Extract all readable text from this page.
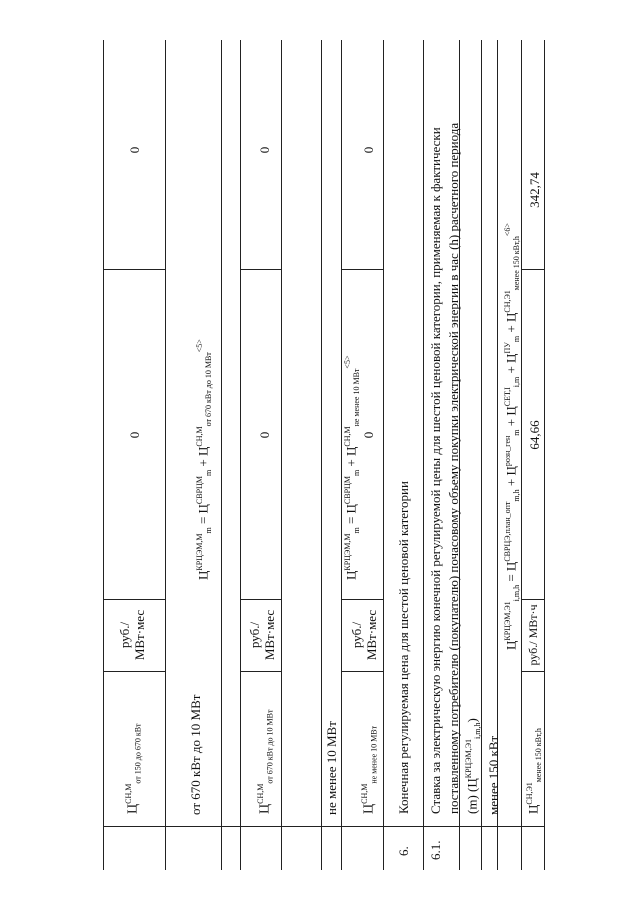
$Ц^{СН,М}_{от 150 до 670 кВт}$
руб./ МВт·мес
0
0
от 670 кВт до 10 МВт
$Ц^{КРЦЭМ,М}_m = Ц^{СВРЦМ}_m + Ц^{СН,М}_{от 670 кВт до 10 МВт}^{<5>}$
$Ц^{СН,М}_{от 670 кВт до 10 МВт}$
руб./ МВт·мес
0
0
не менее 10 МВт
$Ц^{КРЦЭМ,М}_m = Ц^{СВРЦМ}_m + Ц^{СН,М}_{не менее 10 МВт}^{<5>}$
$Ц^{СН,М}_{не менее 10 МВт}$
руб./ МВт·мес
0
0
6.
Конечная регулируемая цена для шестой ценовой категории
6.1.
Ставка за электрическую энергию конечной регулируемой цены для шестой ценовой категории, применяемая к фактически поставленному потребителю (покупателю) почасовому объему покупки электрической энергии в час (h) расчетного периода (m) $(Ц^{КРЦЭМ,Э1}_{i,m,h})$
менее 150 кВт
$Ц^{КРЦЭМ,Э1}_{i,m,h} = Ц^{СВРЦЭ,план\_опт}_{m,h} + Ц^{розн\_ген}_m + Ц^{СЕТ,I}_{i,m} + Ц^{ПУ}_m + Ц^{СН,Э1}_{менее 150 кВт,h}^{<6>}$
$Ц^{СН,Э1}_{менее 150 кВт,h}$
руб./ МВт·ч
64,66
342,74
